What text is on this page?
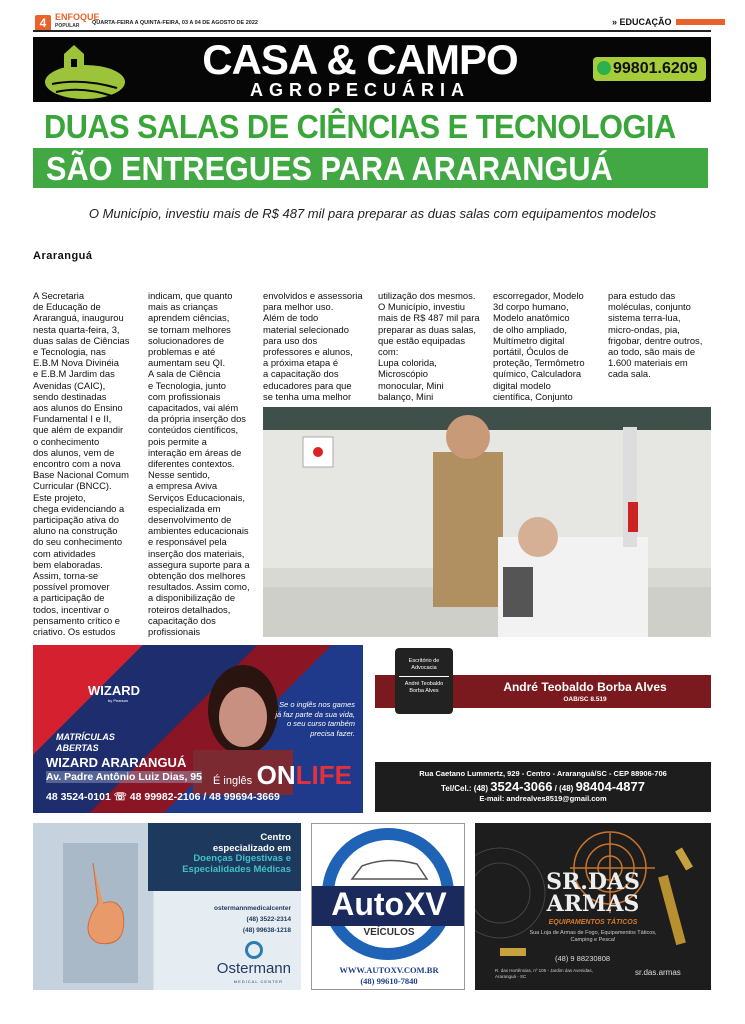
4 ENFOQUE
POPULAR	QUARTA-FEIRA A QUINTA-FEIRA, 03 A 04 DE AGOSTO DE 2022	» EDUCAÇÃO
CASA & CAMPO
AGROPECUÁRIA
99801.6209
DUAS SALAS DE CIÊNCIAS E TECNOLOGIA
SÃO ENTREGUES PARA ARARANGUÁ
O Município, investiu mais de R$ 487 mil para preparar as duas salas com equipamentos modelos
Araranguá
A Secretaria
de Educação de
Araranguá, inaugurou
nesta quarta-feira, 3,
duas salas de Ciências
e Tecnologia, nas
E.B.M Nova Divinéia
e E.B.M Jardim das
Avenidas (CAIC),
sendo destinadas
aos alunos do Ensino
Fundamental I e II,
que além de expandir
o conhecimento
dos alunos, vem de
encontro com a nova
Base Nacional Comum
Curricular (BNCC).
Este projeto,
chega evidenciando a
participação ativa do
aluno na construção
do seu conhecimento
com atividades
bem elaboradas.
Assim, torna-se
possível promover
a participação de
todos, incentivar o
pensamento crítico e
criativo. Os estudos
indicam, que quanto
mais as crianças
aprendem ciências,
se tornam melhores
solucionadores de
problemas e até
aumentam seu QI.
A sala de Ciência
e Tecnologia, junto
com profissionais
capacitados, vai além
da própria inserção dos
conteúdos científicos,
pois permite a
interação em áreas de
diferentes contextos.
Nesse sentido,
a empresa Aviva
Serviços Educacionais,
especializada em
desenvolvimento de
ambientes educacionais
e responsável pela
inserção dos materiais,
assegura suporte para a
obtenção dos melhores
resultados. Assim como,
a disponibilização de
roteiros detalhados,
capacitação dos
profissionais
envolvidos e assessoria
para melhor uso.
Além de todo
material selecionado
para uso dos
professores e alunos,
a próxima etapa é
a capacitação dos
educadores para que
se tenha uma melhor
utilização dos mesmos.
O Município, investiu
mais de R$ 487 mil para
preparar as duas salas,
que estão equipadas
com:
Lupa colorida,
Microscópio
monocular, Mini
balanço, Mini
escorregador, Modelo
3d corpo humano,
Modelo anatômico
de olho ampliado,
Multímetro digital
portátil, Óculos de
proteção, Termômetro
químico, Calculadora
digital modelo
científica, Conjunto
para estudo das
moléculas, conjunto
sistema terra-lua,
micro-ondas, pia,
frigobar, dentre outros,
ao todo, são mais de
1.600 materiais em
cada sala.
WIZARD
by Pearson	Se o inglês nos games já faz parte da sua vida, o seu curso também precisa fazer.
MATRÍCULAS ABERTAS
WIZARD ARARANGUÁ
Av. Padre Antônio Luiz Dias, 95 É inglês ONLIFE
48 3524-0101 ☏ 48 99982-2106 / 48 99694-3669
André Teobaldo Borba Alves
OAB/SC 8.519
Escritório de Advocacia
André Teobaldo Borba Alves
Rua Caetano Lummertz, 929 - Centro - Araranguá/SC - CEP 88906-706
Tel/Cel.: (48) 3524-3066 / (48) 98404-4877
E-mail: andrealves8519@gmail.com
Centro
especializado em
Doenças Digestivas e
Especialidades Médicas
ostermannmedicalcenter
(48) 3522-2314
(48) 99638-1218
Ostermann
MEDICAL CENTER
AutoXV
VEÍCULOS
WWW.AUTOXV.COM.BR
(48) 99610-7840
SR.DAS
ARMAS
EQUIPAMENTOS TÁTICOS
Sua Loja de Armas de Fogo, Equipamentos Táticos, Camping e Pesca!
(48) 9 88230808
R. das Hortênsias, nº 105 - Jardim das Avenidas, Araranguá - SC	sr.das.armas
